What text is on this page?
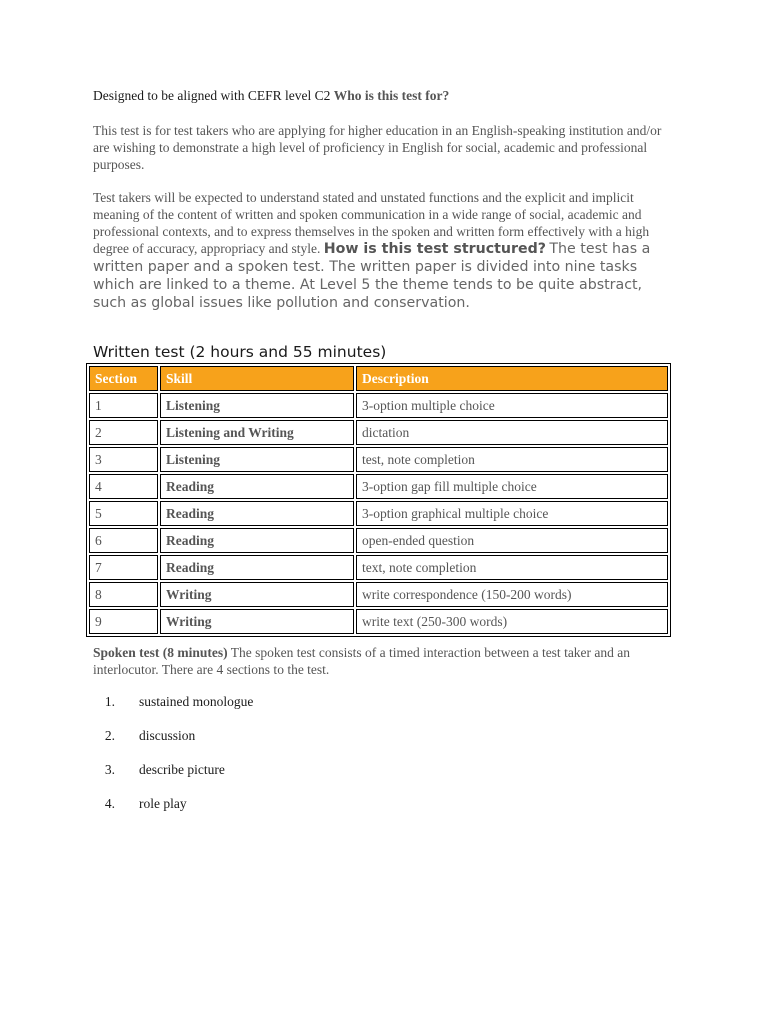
Designed to be aligned with CEFR level C2 Who is this test for?
This test is for test takers who are applying for higher education in an English-speaking institution and/or are wishing to demonstrate a high level of proficiency in English for social, academic and professional purposes.
Test takers will be expected to understand stated and unstated functions and the explicit and implicit meaning of the content of written and spoken communication in a wide range of social, academic and professional contexts, and to express themselves in the spoken and written form effectively with a high degree of accuracy, appropriacy and style. How is this test structured? The test has a written paper and a spoken test. The written paper is divided into nine tasks which are linked to a theme. At Level 5 the theme tends to be quite abstract, such as global issues like pollution and conservation.
Written test (2 hours and 55 minutes)
Section	Skill	Description
1	Listening	3-option multiple choice
2	Listening and Writing	dictation
3	Listening	test, note completion
4	Reading	3-option gap fill multiple choice
5	Reading	3-option graphical multiple choice
6	Reading	open-ended question
7	Reading	text, note completion
8	Writing	write correspondence (150-200 words)
9	Writing	write text (250-300 words)
Spoken test (8 minutes) The spoken test consists of a timed interaction between a test taker and an interlocutor. There are 4 sections to the test.
1. sustained monologue
2. discussion
3. describe picture
4. role play
